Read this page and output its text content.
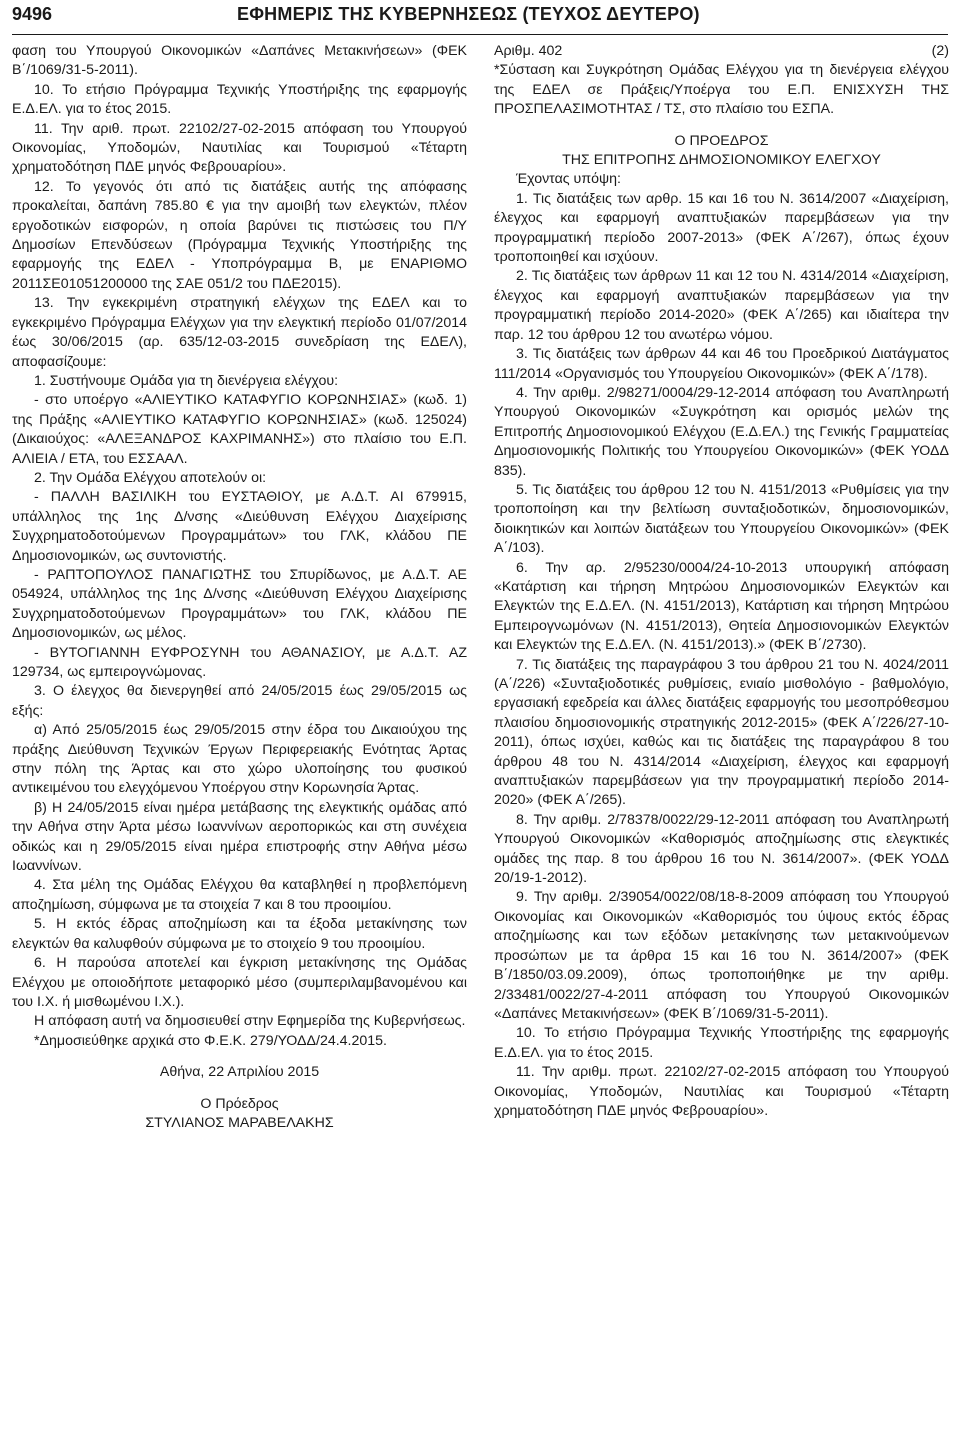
9496	ΕΦΗΜΕΡΙΣ ΤΗΣ ΚΥΒΕΡΝΗΣΕΩΣ (ΤΕΥΧΟΣ ΔΕΥΤΕΡΟ)

φαση του Υπουργού Οικονομικών «Δαπάνες Μετακινήσεων» (ΦΕΚ Β΄/1069/31-5-2011).

10. Το ετήσιο Πρόγραμμα Τεχνικής Υποστήριξης της εφαρμογής Ε.Δ.ΕΛ. για το έτος 2015.

11. Την αριθ. πρωτ. 22102/27-02-2015 απόφαση του Υπουργού Οικονομίας, Υποδομών, Ναυτιλίας και Τουρισμού «Τέταρτη χρηματοδότηση ΠΔΕ μηνός Φεβρουαρίου».

12. Το γεγονός ότι από τις διατάξεις αυτής της απόφασης προκαλείται, δαπάνη 785.80 € για την αμοιβή των ελεγκτών, πλέον εργοδοτικών εισφορών, η οποία βαρύνει τις πιστώσεις του Π/Υ Δημοσίων Επενδύσεων (Πρόγραμμα Τεχνικής Υποστήριξης της εφαρμογής της ΕΔΕΛ - Υποπρόγραμμα Β, με ΕΝΑΡΙΘΜΟ 2011ΣΕ01051200000 της ΣΑΕ 051/2 του ΠΔΕ2015).

13. Την εγκεκριμένη στρατηγική ελέγχων της ΕΔΕΛ και το εγκεκριμένο Πρόγραμμα Ελέγχων για την ελεγκτική περίοδο 01/07/2014 έως 30/06/2015 (αρ. 635/12-03-2015 συνεδρίαση της ΕΔΕΛ), αποφασίζουμε:

1. Συστήνουμε Ομάδα για τη διενέργεια ελέγχου:

- στο υποέργο «ΑΛΙΕΥΤΙΚΟ ΚΑΤΑΦΥΓΙΟ ΚΟΡΩΝΗΣΙΑΣ» (κωδ. 1) της Πράξης «ΑΛΙΕΥΤΙΚΟ ΚΑΤΑΦΥΓΙΟ ΚΟΡΩΝΗΣΙΑΣ» (κωδ. 125024) (Δικαιούχος: «ΑΛΕΞΑΝΔΡΟΣ ΚΑΧΡΙΜΑΝΗΣ») στο πλαίσιο του Ε.Π. ΑΛΙΕΙΑ / ΕΤΑ, του ΕΣΣΑΑΛ.

2. Την Ομάδα Ελέγχου αποτελούν οι:

- ΠΑΛΛΗ ΒΑΣΙΛΙΚΗ του ΕΥΣΤΑΘΙΟΥ, με Α.Δ.Τ. ΑΙ 679915, υπάλληλος της 1ης Δ/νσης «Διεύθυνση Ελέγχου Διαχείρισης Συγχρηματοδοτούμενων Προγραμμάτων» του ΓΛΚ, κλάδου ΠΕ Δημοσιονομικών, ως συντονιστής.

- ΡΑΠΤΟΠΟΥΛΟΣ ΠΑΝΑΓΙΩΤΗΣ του Σπυρίδωνος, με Α.Δ.Τ. ΑΕ 054924, υπάλληλος της 1ης Δ/νσης «Διεύθυνση Ελέγχου Διαχείρισης Συγχρηματοδοτούμενων Προγραμμάτων» του ΓΛΚ, κλάδου ΠΕ Δημοσιονομικών, ως μέλος.

- ΒΥΤΟΓΙΑΝΝΗ ΕΥΦΡΟΣΥΝΗ του ΑΘΑΝΑΣΙΟΥ, με Α.Δ.Τ. ΑΖ 129734, ως εμπειρογνώμονας.

3. Ο έλεγχος θα διενεργηθεί από 24/05/2015 έως 29/05/2015 ως εξής:

α) Από 25/05/2015 έως 29/05/2015 στην έδρα του Δικαιούχου της πράξης Διεύθυνση Τεχνικών Έργων Περιφερειακής Ενότητας Άρτας στην πόλη της Άρτας και στο χώρο υλοποίησης του φυσικού αντικειμένου του ελεγχόμενου Υποέργου στην Κορωνησία Άρτας.

β) Η 24/05/2015 είναι ημέρα μετάβασης της ελεγκτικής ομάδας από την Αθήνα στην Άρτα μέσω Ιωαννίνων αεροπορικώς και στη συνέχεια οδικώς και η 29/05/2015 είναι ημέρα επιστροφής στην Αθήνα μέσω Ιωαννίνων.

4. Στα μέλη της Ομάδας Ελέγχου θα καταβληθεί η προβλεπόμενη αποζημίωση, σύμφωνα με τα στοιχεία 7 και 8 του προοιμίου.

5. Η εκτός έδρας αποζημίωση και τα έξοδα μετακίνησης των ελεγκτών θα καλυφθούν σύμφωνα με το στοιχείο 9 του προοιμίου.

6. Η παρούσα αποτελεί και έγκριση μετακίνησης της Ομάδας Ελέγχου με οποιοδήποτε μεταφορικό μέσο (συμπεριλαμβανομένου και του Ι.Χ. ή μισθωμένου Ι.Χ.).

Η απόφαση αυτή να δημοσιευθεί στην Εφημερίδα της Κυβερνήσεως.

*Δημοσιεύθηκε αρχικά στο Φ.Ε.Κ. 279/ΥΟΔΔ/24.4.2015.

Αθήνα, 22 Απριλίου 2015

Ο Πρόεδρος

ΣΤΥΛΙΑΝΟΣ ΜΑΡΑΒΕΛΑΚΗΣ

Αριθμ. 402	(2)

*Σύσταση και Συγκρότηση Ομάδας Ελέγχου για τη διενέργεια ελέγχου της ΕΔΕΛ σε Πράξεις/Υποέργα του Ε.Π. ΕΝΙΣΧΥΣΗ ΤΗΣ ΠΡΟΣΠΕΛΑΣΙΜΟΤΗΤΑΣ / ΤΣ, στο πλαίσιο του ΕΣΠΑ.

Ο ΠΡΟΕΔΡΟΣ

ΤΗΣ ΕΠΙΤΡΟΠΗΣ ΔΗΜΟΣΙΟΝΟΜΙΚΟΥ ΕΛΕΓΧΟΥ

Έχοντας υπόψη:

1. Τις διατάξεις των αρθρ. 15 και 16 του Ν. 3614/2007 «Διαχείριση, έλεγχος και εφαρμογή αναπτυξιακών παρεμβάσεων για την προγραμματική περίοδο 2007-2013» (ΦΕΚ Α΄/267), όπως έχουν τροποποιηθεί και ισχύουν.

2. Τις διατάξεις των άρθρων 11 και 12 του Ν. 4314/2014 «Διαχείριση, έλεγχος και εφαρμογή αναπτυξιακών παρεμβάσεων για την προγραμματική περίοδο 2014-2020» (ΦΕΚ Α΄/265) και ιδιαίτερα την παρ. 12 του άρθρου 12 του ανωτέρω νόμου.

3. Τις διατάξεις των άρθρων 44 και 46 του Προεδρικού Διατάγματος 111/2014 «Οργανισμός του Υπουργείου Οικονομικών» (ΦΕΚ Α΄/178).

4. Την αριθμ. 2/98271/0004/29-12-2014 απόφαση του Αναπληρωτή Υπουργού Οικονομικών «Συγκρότηση και ορισμός μελών της Επιτροπής Δημοσιονομικού Ελέγχου (Ε.Δ.ΕΛ.) της Γενικής Γραμματείας Δημοσιονομικής Πολιτικής του Υπουργείου Οικονομικών» (ΦΕΚ ΥΟΔΔ 835).

5. Τις διατάξεις του άρθρου 12 του Ν. 4151/2013 «Ρυθμίσεις για την τροποποίηση και την βελτίωση συνταξιοδοτικών, δημοσιονομικών, διοικητικών και λοιπών διατάξεων του Υπουργείου Οικονομικών» (ΦΕΚ Α΄/103).

6. Την αρ. 2/95230/0004/24-10-2013 υπουργική απόφαση «Κατάρτιση και τήρηση Μητρώου Δημοσιονομικών Ελεγκτών και Ελεγκτών της Ε.Δ.ΕΛ. (Ν. 4151/2013), Κατάρτιση και τήρηση Μητρώου Εμπειρογνωμόνων (Ν. 4151/2013), Θητεία Δημοσιονομικών Ελεγκτών και Ελεγκτών της Ε.Δ.ΕΛ. (Ν. 4151/2013).» (ΦΕΚ Β΄/2730).

7. Τις διατάξεις της παραγράφου 3 του άρθρου 21 του Ν. 4024/2011 (Α΄/226) «Συνταξιοδοτικές ρυθμίσεις, ενιαίο μισθολόγιο - βαθμολόγιο, εργασιακή εφεδρεία και άλλες διατάξεις εφαρμογής του μεσοπρόθεσμου πλαισίου δημοσιονομικής στρατηγικής 2012-2015» (ΦΕΚ Α΄/226/27-10-2011), όπως ισχύει, καθώς και τις διατάξεις της παραγράφου 8 του άρθρου 48 του Ν. 4314/2014 «Διαχείριση, έλεγχος και εφαρμογή αναπτυξιακών παρεμβάσεων για την προγραμματική περίοδο 2014-2020» (ΦΕΚ Α΄/265).

8. Την αριθμ. 2/78378/0022/29-12-2011 απόφαση του Αναπληρωτή Υπουργού Οικονομικών «Καθορισμός αποζημίωσης στις ελεγκτικές ομάδες της παρ. 8 του άρθρου 16 του Ν. 3614/2007». (ΦΕΚ ΥΟΔΔ 20/19-1-2012).

9. Την αριθμ. 2/39054/0022/08/18-8-2009 απόφαση του Υπουργού Οικονομίας και Οικονομικών «Καθορισμός του ύψους εκτός έδρας αποζημίωσης και των εξόδων μετακίνησης των μετακινούμενων προσώπων με τα άρθρα 15 και 16 του Ν. 3614/2007» (ΦΕΚ Β΄/1850/03.09.2009), όπως τροποποιήθηκε με την αριθμ. 2/33481/0022/27-4-2011 απόφαση του Υπουργού Οικονομικών «Δαπάνες Μετακινήσεων» (ΦΕΚ Β΄/1069/31-5-2011).

10. Το ετήσιο Πρόγραμμα Τεχνικής Υποστήριξης της εφαρμογής Ε.Δ.ΕΛ. για το έτος 2015.

11. Την αριθμ. πρωτ. 22102/27-02-2015 απόφαση του Υπουργού Οικονομίας, Υποδομών, Ναυτιλίας και Τουρισμού «Τέταρτη χρηματοδότηση ΠΔΕ μηνός Φεβρουαρίου».
